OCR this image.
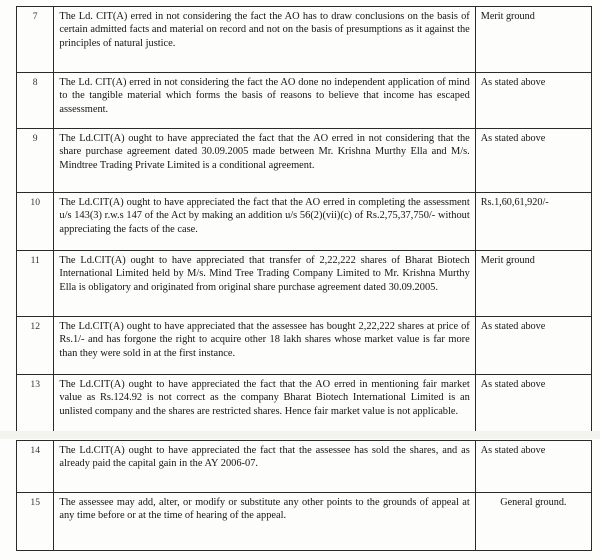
7	The Ld. CIT(A) erred in not considering the fact the AO has to draw conclusions on the basis of certain admitted facts and material on record and not on the basis of presumptions as it against the principles of natural justice.	Merit ground
8	The Ld. CIT(A) erred in not considering the fact the AO done no independent application of mind to the tangible material which forms the basis of reasons to believe that income has escaped assessment.	As stated above
9	The Ld.CIT(A) ought to have appreciated the fact that the AO erred in not considering that the share purchase agreement dated 30.09.2005 made between Mr. Krishna Murthy Ella and M/s. Mindtree Trading Private Limited is a conditional agreement.	As stated above
10	The Ld.CIT(A) ought to have appreciated the fact that the AO erred in completing the assessment u/s 143(3) r.w.s 147 of the Act by making an addition u/s 56(2)(vii)(c) of Rs.2,75,37,750/- without appreciating the facts of the case.	Rs.1,60,61,920/-
11	The Ld.CIT(A) ought to have appreciated that transfer of 2,22,222 shares of Bharat Biotech International Limited held by M/s. Mind Tree Trading Company Limited to Mr. Krishna Murthy Ella is obligatory and originated from original share purchase agreement dated 30.09.2005.	Merit ground
12	The Ld.CIT(A) ought to have appreciated that the assessee has bought 2,22,222 shares at price of Rs.1/- and has forgone the right to acquire other 18 lakh shares whose market value is far more than they were sold in at the first instance.	As stated above
13	The Ld.CIT(A) ought to have appreciated the fact that the AO erred in mentioning fair market value as Rs.124.92 is not correct as the company Bharat Biotech International Limited is an unlisted company and the shares are restricted shares. Hence fair market value is not applicable.	As stated above
14	The Ld.CIT(A) ought to have appreciated the fact that the assessee has sold the shares, and as already paid the capital gain in the AY 2006-07.	As stated above
15	The assessee may add, alter, or modify or substitute any other points to the grounds of appeal at any time before or at the time of hearing of the appeal.	General ground.
